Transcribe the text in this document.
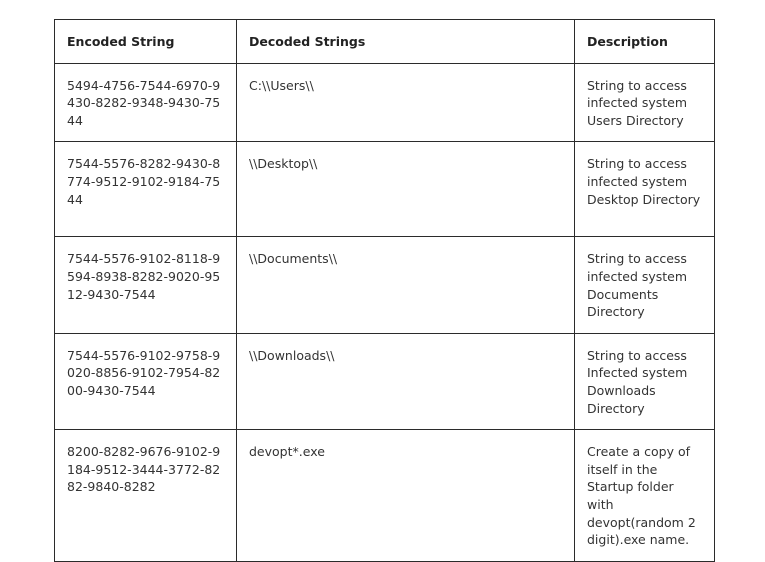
Encoded String	Decoded Strings	Description
5494-4756-7544-6970-9430-8282-9348-9430-7544	C:\\Users\\	String to access infected system Users Directory
7544-5576-8282-9430-8774-9512-9102-9184-7544	\\Desktop\\	String to access infected system Desktop Directory
7544-5576-9102-8118-9594-8938-8282-9020-9512-9430-7544	\\Documents\\	String to access infected system Documents Directory
7544-5576-9102-9758-9020-8856-9102-7954-8200-9430-7544	\\Downloads\\	String to access Infected system Downloads Directory
8200-8282-9676-9102-9184-9512-3444-3772-8282-9840-8282	devopt*.exe	Create a copy of itself in the Startup folder with devopt(random 2 digit).exe name.
